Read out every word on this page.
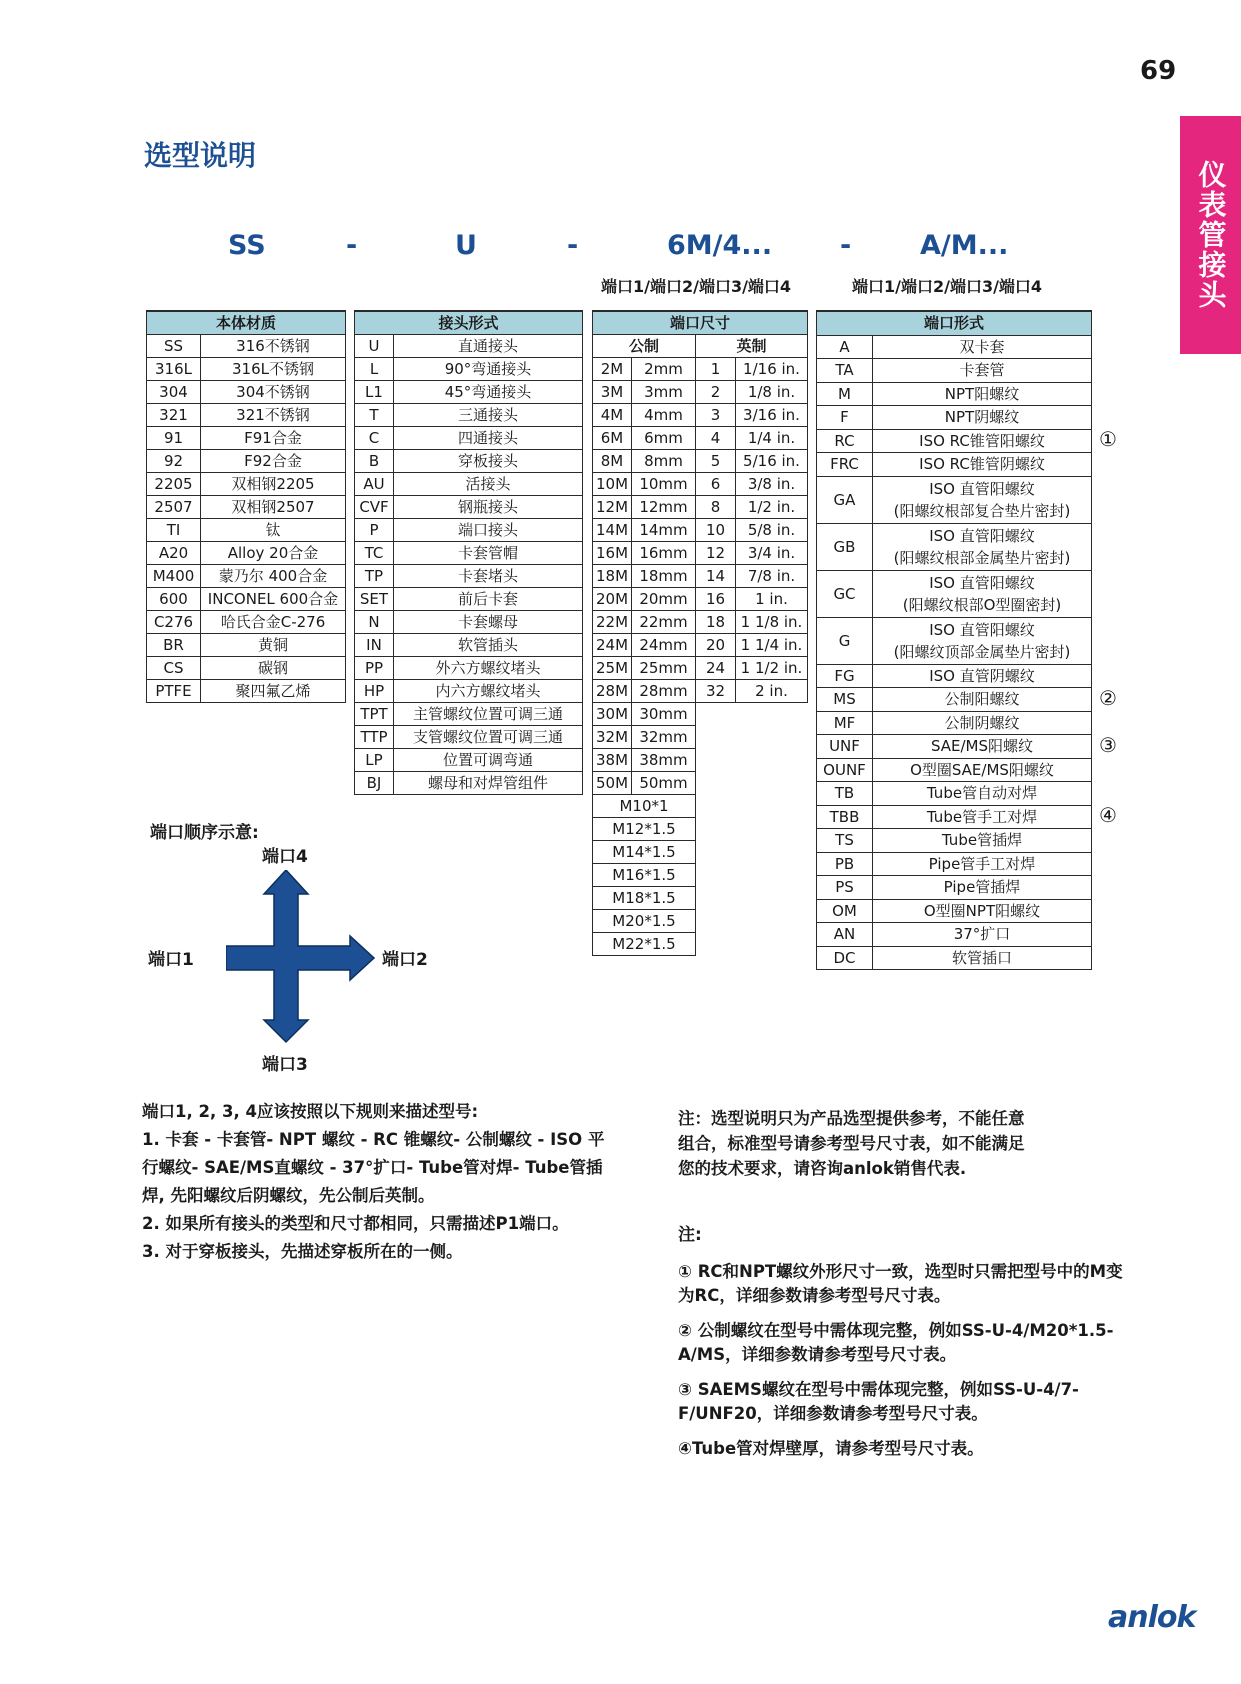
69
仪表管接头
选型说明
SS	-	U	-	6M/4...	-	A/M...
端口1/端口2/端口3/端口4	端口1/端口2/端口3/端口4
本体材质	
SS	316不锈钢
316L	316L不锈钢
304	304不锈钢
321	321不锈钢
91	F91合金
92	F92合金
2205	双相钢2205
2507	双相钢2507
TI	钛
A20	Alloy 20合金
M400	蒙乃尔 400合金
600	INCONEL 600合金
C276	哈氏合金C-276
BR	黄铜
CS	碳钢
PTFE	聚四氟乙烯
接头形式	
U	直通接头
L	90°弯通接头
L1	45°弯通接头
T	三通接头
C	四通接头
B	穿板接头
AU	活接头
CVF	钢瓶接头
P	端口接头
TC	卡套管帽
TP	卡套堵头
SET	前后卡套
N	卡套螺母
IN	软管插头
PP	外六方螺纹堵头
HP	内六方螺纹堵头
TPT	主管螺纹位置可调三通
TTP	支管螺纹位置可调三通
LP	位置可调弯通
BJ	螺母和对焊管组件
端口尺寸			
公制		英制	
2M	2mm	1	1/16 in.
3M	3mm	2	1/8 in.
4M	4mm	3	3/16 in.
6M	6mm	4	1/4 in.
8M	8mm	5	5/16 in.
10M	10mm	6	3/8 in.
12M	12mm	8	1/2 in.
14M	14mm	10	5/8 in.
16M	16mm	12	3/4 in.
18M	18mm	14	7/8 in.
20M	20mm	16	1 in.
22M	22mm	18	1 1/8 in.
24M	24mm	20	1 1/4 in.
25M	25mm	24	1 1/2 in.
28M	28mm	32	2 in.
30M	30mm		
32M	32mm		
38M	38mm		
50M	50mm		
M10*1			
M12*1.5			
M14*1.5			
M16*1.5			
M18*1.5			
M20*1.5			
M22*1.5			
端口形式	
A	双卡套

TA	卡套管

M	NPT阳螺纹

F	NPT阴螺纹

RC	ISO RC锥管阳螺纹

FRC	ISO RC锥管阴螺纹

GA	ISO 直管阳螺纹
(阳螺纹根部复合垫片密封)

GB	ISO 直管阳螺纹
(阳螺纹根部金属垫片密封)

GC	ISO 直管阳螺纹
(阳螺纹根部O型圈密封)

G	ISO 直管阳螺纹
(阳螺纹顶部金属垫片密封)

FG	ISO 直管阴螺纹

MS	公制阳螺纹

MF	公制阴螺纹

UNF	SAE/MS阳螺纹

OUNF	O型圈SAE/MS阳螺纹

TB	Tube管自动对焊

TBB	Tube管手工对焊

TS	Tube管插焊

PB	Pipe管手工对焊

PS	Pipe管插焊

OM	O型圈NPT阳螺纹

AN	37°扩口

DC	软管插口
①
②
③
④
端口顺序示意:
端口4
端口1	端口2
端口3
端口1, 2, 3, 4应该按照以下规则来描述型号:
1. 卡套 - 卡套管- NPT 螺纹 - RC 锥螺纹- 公制螺纹 - ISO 平行螺纹- SAE/MS直螺纹 - 37°扩口- Tube管对焊- Tube管插焊, 先阳螺纹后阴螺纹，先公制后英制。
2. 如果所有接头的类型和尺寸都相同，只需描述P1端口。
3. 对于穿板接头，先描述穿板所在的一侧。
注：选型说明只为产品选型提供参考，不能任意组合，标准型号请参考型号尺寸表，如不能满足您的技术要求，请咨询anlok销售代表.
注:
① RC和NPT螺纹外形尺寸一致，选型时只需把型号中的M变为RC，详细参数请参考型号尺寸表。
② 公制螺纹在型号中需体现完整，例如SS-U-4/M20*1.5-A/MS，详细参数请参考型号尺寸表。
③ SAEMS螺纹在型号中需体现完整，例如SS-U-4/7-F/UNF20，详细参数请参考型号尺寸表。
④Tube管对焊壁厚，请参考型号尺寸表。
anlok
